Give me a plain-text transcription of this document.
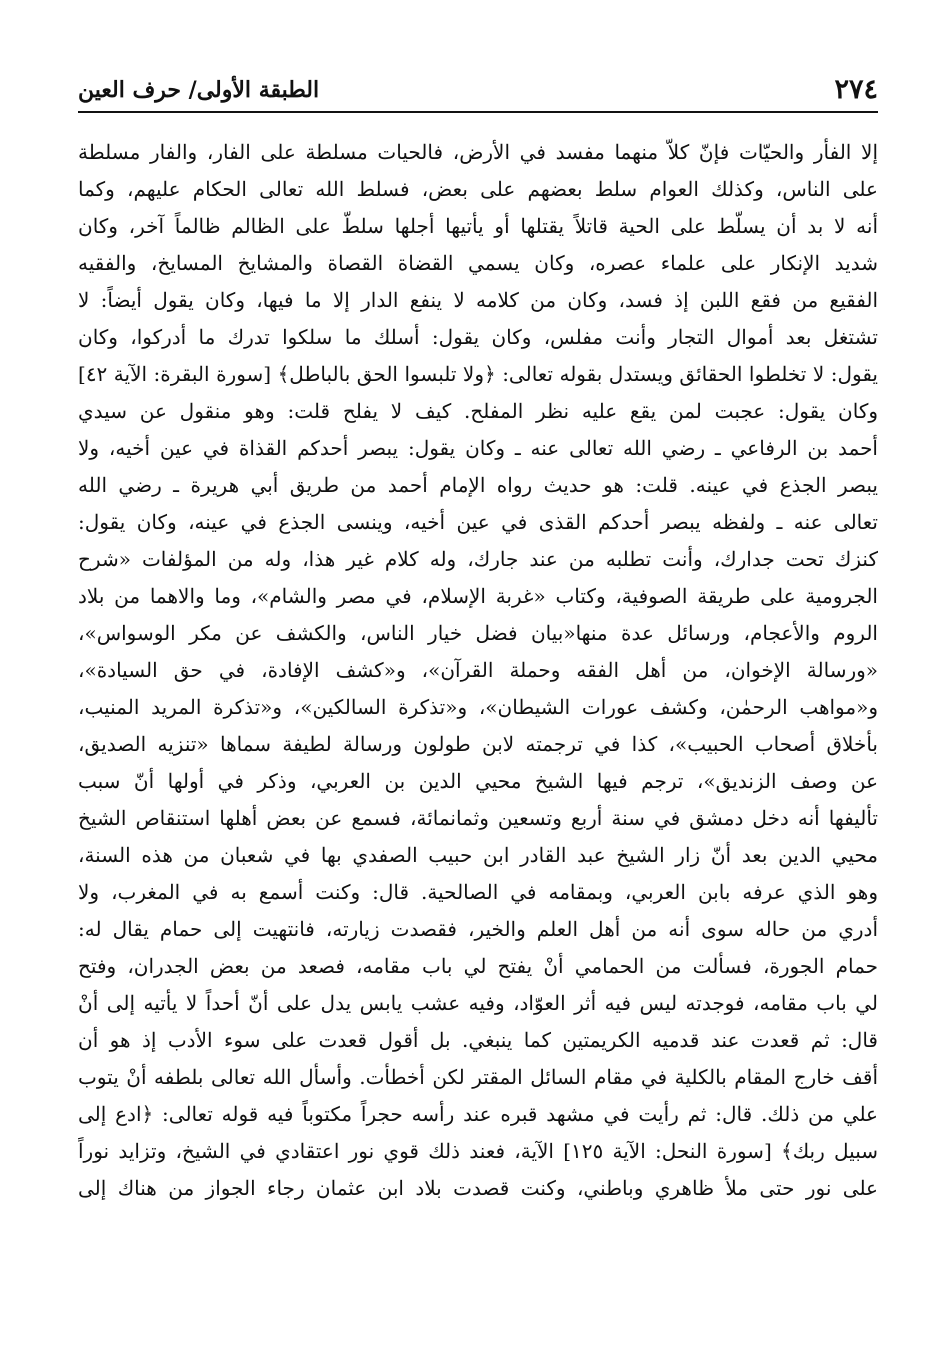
٢٧٤
الطبقة الأولى/ حرف العين
إلا الفأر والحيّات فإنّ كلاّ منهما مفسد في الأرض، فالحيات مسلطة على الفار، والفار مسلطة
على الناس، وكذلك العوام سلط بعضهم على بعض، فسلط الله تعالى الحكام عليهم، وكما
أنه لا بد أن يسلّط على الحية قاتلاً يقتلها أو يأتيها أجلها سلطّ على الظالم ظالماً آخر، وكان
شديد الإنكار على علماء عصره، وكان يسمي القضاة القصاة والمشايخ المسايخ، والفقيه
الفقيع من فقع اللبن إذ فسد، وكان من كلامه لا ينفع الدار إلا ما فيها، وكان يقول أيضاً: لا
تشتغل بعد أموال التجار وأنت مفلس، وكان يقول: أسلك ما سلكوا تدرك ما أدركوا، وكان
يقول: لا تخلطوا الحقائق ويستدل بقوله تعالى: ﴿ولا تلبسوا الحق بالباطل﴾ [سورة البقرة: الآية ٤٢]
وكان يقول: عجبت لمن يقع عليه نظر المفلح. كيف لا يفلح قلت: وهو منقول عن سيدي
أحمد بن الرفاعي ـ رضي الله تعالى عنه ـ وكان يقول: يبصر أحدكم القذاة في عين أخيه، ولا
يبصر الجذع في عينه. قلت: هو حديث رواه الإمام أحمد من طريق أبي هريرة ـ رضي الله
تعالى عنه ـ ولفظه يبصر أحدكم القذى في عين أخيه، وينسى الجذع في عينه، وكان يقول:
كنزك تحت جدارك، وأنت تطلبه من عند جارك، وله كلام غير هذا، وله من المؤلفات «شرح
الجرومية على طريقة الصوفية، وكتاب «غربة الإسلام، في مصر والشام»، وما والاهما من بلاد
الروم والأعجام، ورسائل عدة منها«بيان فضل خيار الناس، والكشف عن مكر الوسواس»،
«ورسالة الإخوان، من أهل الفقه وحملة القرآن»، و«كشف الإفادة، في حق السيادة»،
و«مواهب الرحمٰن، وكشف عورات الشيطان»، و«تذكرة السالكين»، و«تذكرة المريد المنيب،
بأخلاق أصحاب الحبيب»، كذا في ترجمته لابن طولون ورسالة لطيفة سماها «تنزيه الصديق،
عن وصف الزنديق»، ترجم فيها الشيخ محيي الدين بن العربي، وذكر في أولها أنّ سبب
تأليفها أنه دخل دمشق في سنة أربع وتسعين وثمانمائة، فسمع عن بعض أهلها استنقاص الشيخ
محيي الدين بعد أنّ زار الشيخ عبد القادر ابن حبيب الصفدي بها في شعبان من هذه السنة،
وهو الذي عرفه بابن العربي، وبمقامه في الصالحية. قال: وكنت أسمع به في المغرب، ولا
أدري من حاله سوى أنه من أهل العلم والخير، فقصدت زيارته، فانتهيت إلى حمام يقال له:
حمام الجورة، فسألت من الحمامي أنْ يفتح لي باب مقامه، فصعد من بعض الجدران، وفتح
لي باب مقامه، فوجدته ليس فيه أثر العوّاد، وفيه عشب يابس يدل على أنّ أحداً لا يأتيه إلى أنْ
قال: ثم قعدت عند قدميه الكريمتين كما ينبغي. بل أقول قعدت على سوء الأدب إذ هو أن
أقف خارج المقام بالكلية في مقام السائل المقتر لكن أخطأت. وأسأل الله تعالى بلطفه أنْ يتوب
علي من ذلك. قال: ثم رأيت في مشهد قبره عند رأسه حجراً مكتوباً فيه قوله تعالى: ﴿ادع إلى
سبيل ربك﴾ [سورة النحل: الآية ١٢٥] الآية، فعند ذلك قوي نور اعتقادي في الشيخ، وتزايد نوراً
على نور حتى ملأ ظاهري وباطني، وكنت قصدت بلاد ابن عثمان رجاء الجواز من هناك إلى
